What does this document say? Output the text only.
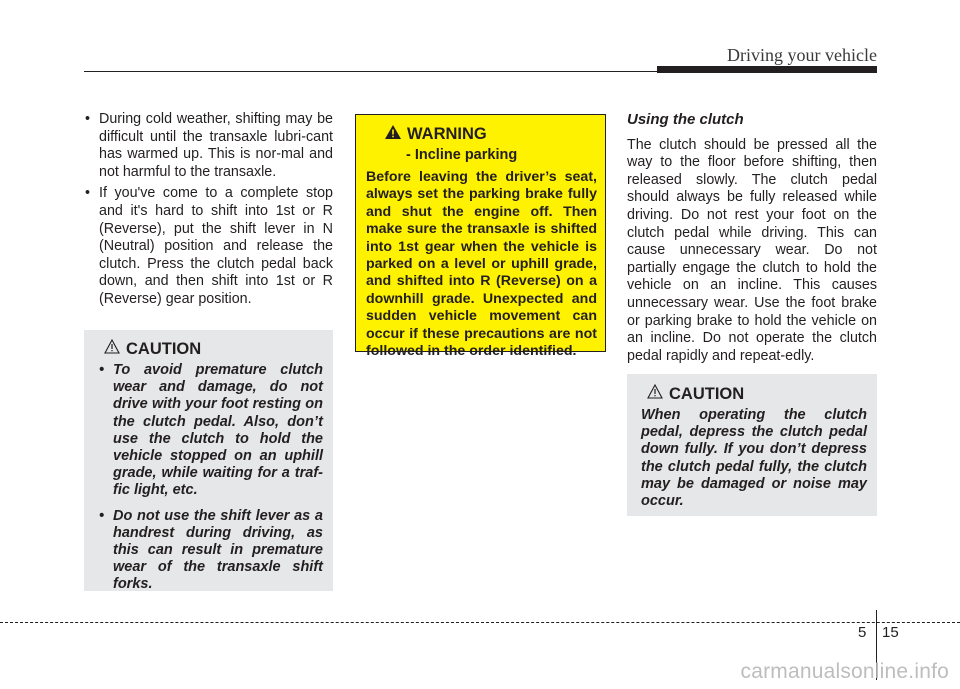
Driving your vehicle

• During cold weather, shifting may be difficult until the transaxle lubri-cant has warmed up. This is nor-mal and not harmful to the transaxle.

• If you've come to a complete stop and it's hard to shift into 1st or R (Reverse), put the shift lever in N (Neutral) position and release the clutch. Press the clutch pedal back down, and then shift into 1st or R (Reverse) gear position.

CAUTION

• To avoid premature clutch wear and damage, do not drive with your foot resting on the clutch pedal. Also, don’t use the clutch to hold the vehicle stopped on an uphill grade, while waiting for a traf-fic light, etc.

• Do not use the shift lever as a handrest during driving, as this can result in premature wear of the transaxle shift forks.

WARNING
- Incline parking

Before leaving the driver’s seat, always set the parking brake fully and shut the engine off. Then make sure the transaxle is shifted into 1st gear when the vehicle is parked on a level or uphill grade, and shifted into R (Reverse) on a downhill grade. Unexpected and sudden vehicle movement can occur if these precautions are not followed in the order identified.

Using the clutch

The clutch should be pressed all the way to the floor before shifting, then released slowly. The clutch pedal should always be fully released while driving. Do not rest your foot on the clutch pedal while driving. This can cause unnecessary wear. Do not partially engage the clutch to hold the vehicle on an incline. This causes unnecessary wear. Use the foot brake or parking brake to hold the vehicle on an incline. Do not operate the clutch pedal rapidly and repeat-edly.

CAUTION

When operating the clutch pedal, depress the clutch pedal down fully. If you don’t depress the clutch pedal fully, the clutch may be damaged or noise may occur.

5 15
carmanualsonline.info
